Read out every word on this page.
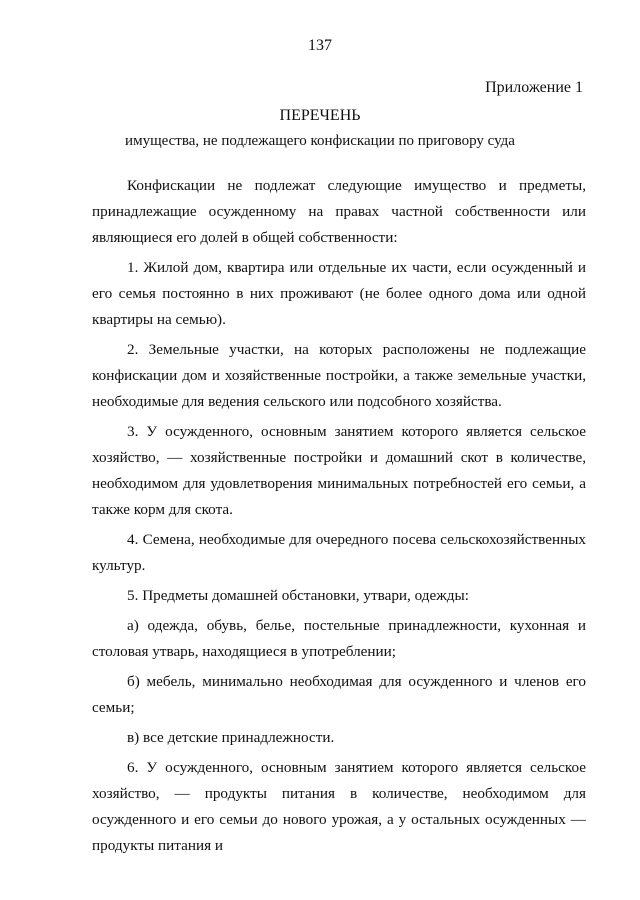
137
Приложение 1
ПЕРЕЧЕНЬ
имущества, не подлежащего конфискации по приговору суда

Конфискации не подлежат следующие имущество и предметы, принадлежащие осужденному на правах частной собственности или являющиеся его долей в общей собственности:

1. Жилой дом, квартира или отдельные их части, если осужденный и его семья постоянно в них проживают (не более одного дома или одной квартиры на семью).

2. Земельные участки, на которых расположены не подлежащие конфискации дом и хозяйственные постройки, а также земельные участки, необходимые для ведения сельского или подсобного хозяйства.

3. У осужденного, основным занятием которого является сельское хозяйство, — хозяйственные постройки и домашний скот в количестве, необходимом для удовлетворения минимальных потребностей его семьи, а также корм для скота.

4. Семена, необходимые для очередного посева сельскохозяйственных культур.

5. Предметы домашней обстановки, утвари, одежды:

а) одежда, обувь, белье, постельные принадлежности, кухонная и столовая утварь, находящиеся в употреблении;

б) мебель, минимально необходимая для осужденного и членов его семьи;

в) все детские принадлежности.

6. У осужденного, основным занятием которого является сельское хозяйство, — продукты питания в количестве, необходимом для осужденного и его семьи до нового урожая, а у остальных осужденных — продукты питания и
